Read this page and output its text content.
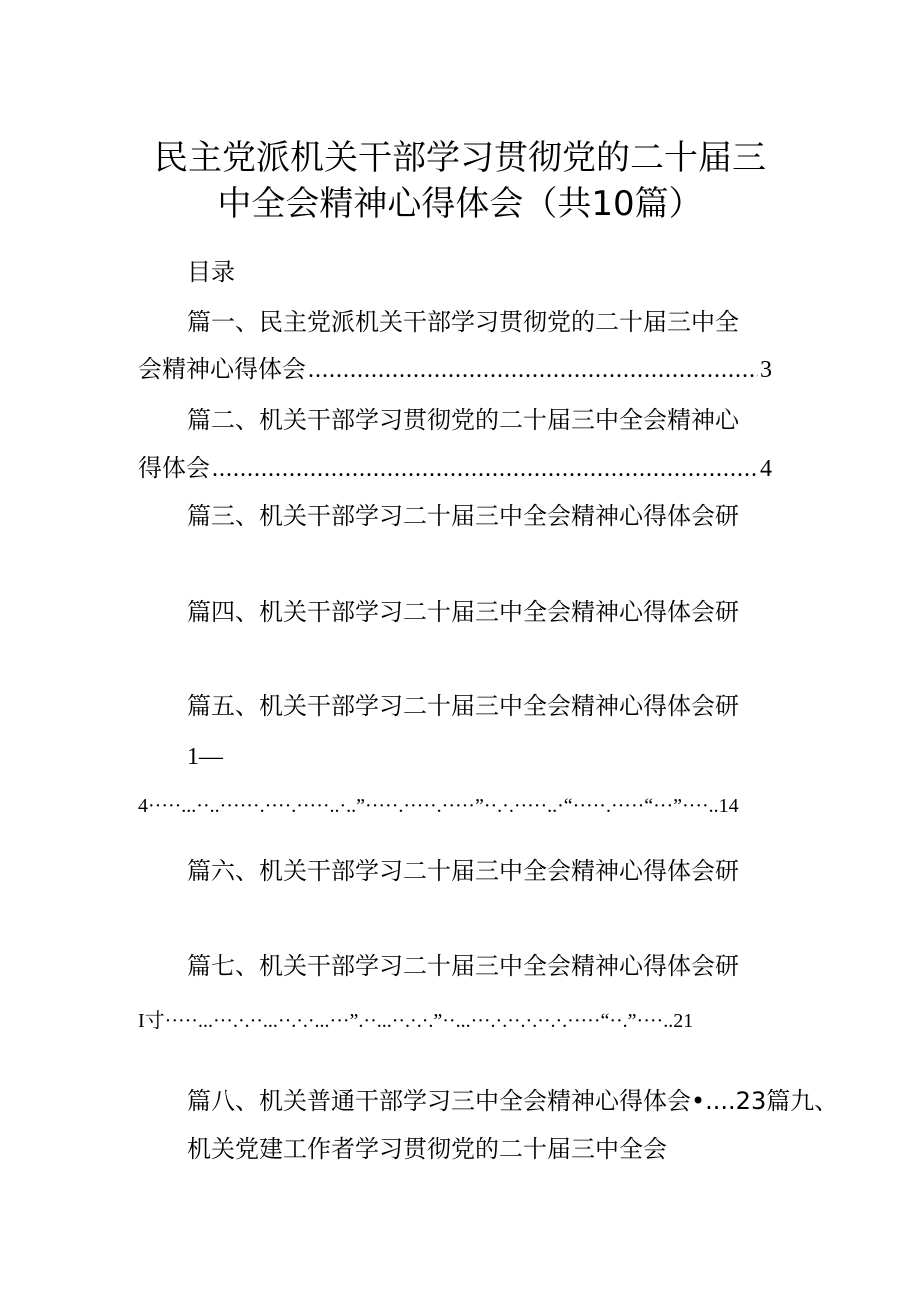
民主党派机关干部学习贯彻党的二十届三
中全会精神心得体会（共10篇）
目录
篇一、民主党派机关干部学习贯彻党的二十届三中全
会精神心得体会 .....	3
篇二、机关干部学习贯彻党的二十届三中全会精神心
得体会 .....	4
篇三、机关干部学习二十届三中全会精神心得体会研
篇四、机关干部学习二十届三中全会精神心得体会研
篇五、机关干部学习二十届三中全会精神心得体会研
1—
4·····...··..······.····.·····..·..”·····.·····.·····”··.·.·····..·“·····.·····“···”····..14
篇六、机关干部学习二十届三中全会精神心得体会研
篇七、机关干部学习二十届三中全会精神心得体会研
I寸·····...···.·.··...··.·.·...···”.··...··.·.·.”··...···.·.··.·.··.·.·····“··.”····..21
篇八、机关普通干部学习三中全会精神心得体会•....23篇九、
机关党建工作者学习贯彻党的二十届三中全会
